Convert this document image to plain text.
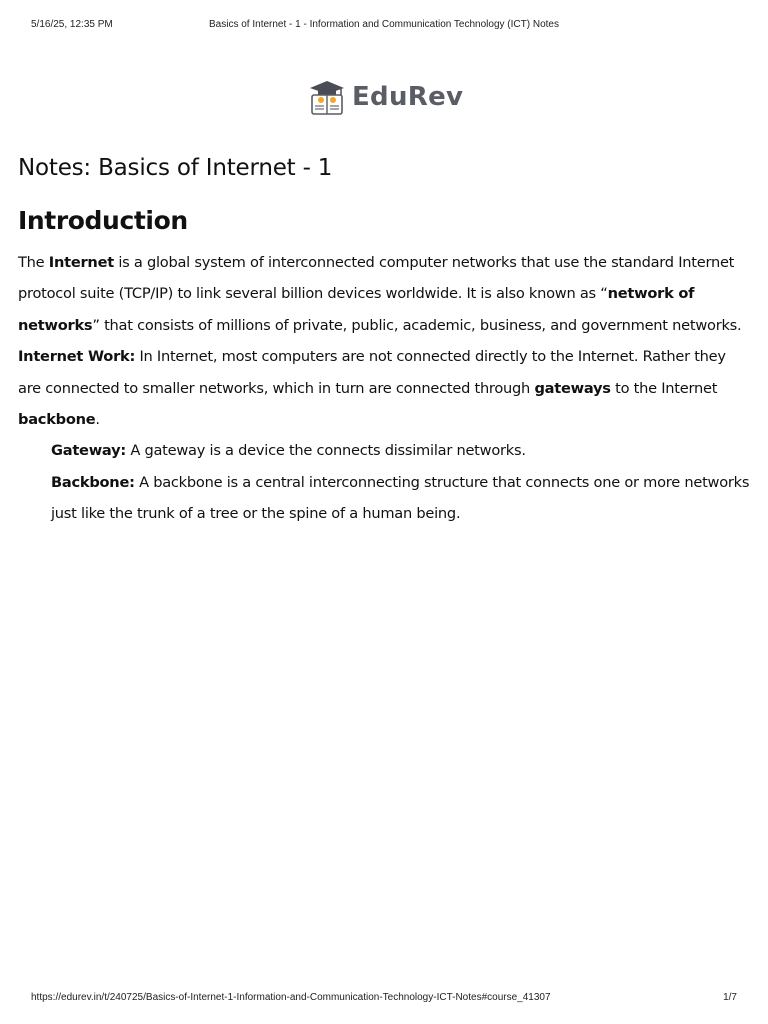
5/16/25, 12:35 PM	Basics of Internet - 1 - Information and Communication Technology (ICT) Notes
EduRev
Notes: Basics of Internet - 1
Introduction

The Internet is a global system of interconnected computer networks that use the standard Internet protocol suite (TCP/IP) to link several billion devices worldwide. It is also known as “network of networks” that consists of millions of private, public, academic, business, and government networks.

Internet Work: In Internet, most computers are not connected directly to the Internet. Rather they are connected to smaller networks, which in turn are connected through gateways to the Internet backbone.

Gateway: A gateway is a device the connects dissimilar networks.

Backbone: A backbone is a central interconnecting structure that connects one or more networks just like the trunk of a tree or the spine of a human being.

https://edurev.in/t/240725/Basics-of-Internet-1-Information-and-Communication-Technology-ICT-Notes#course_41307	1/7
